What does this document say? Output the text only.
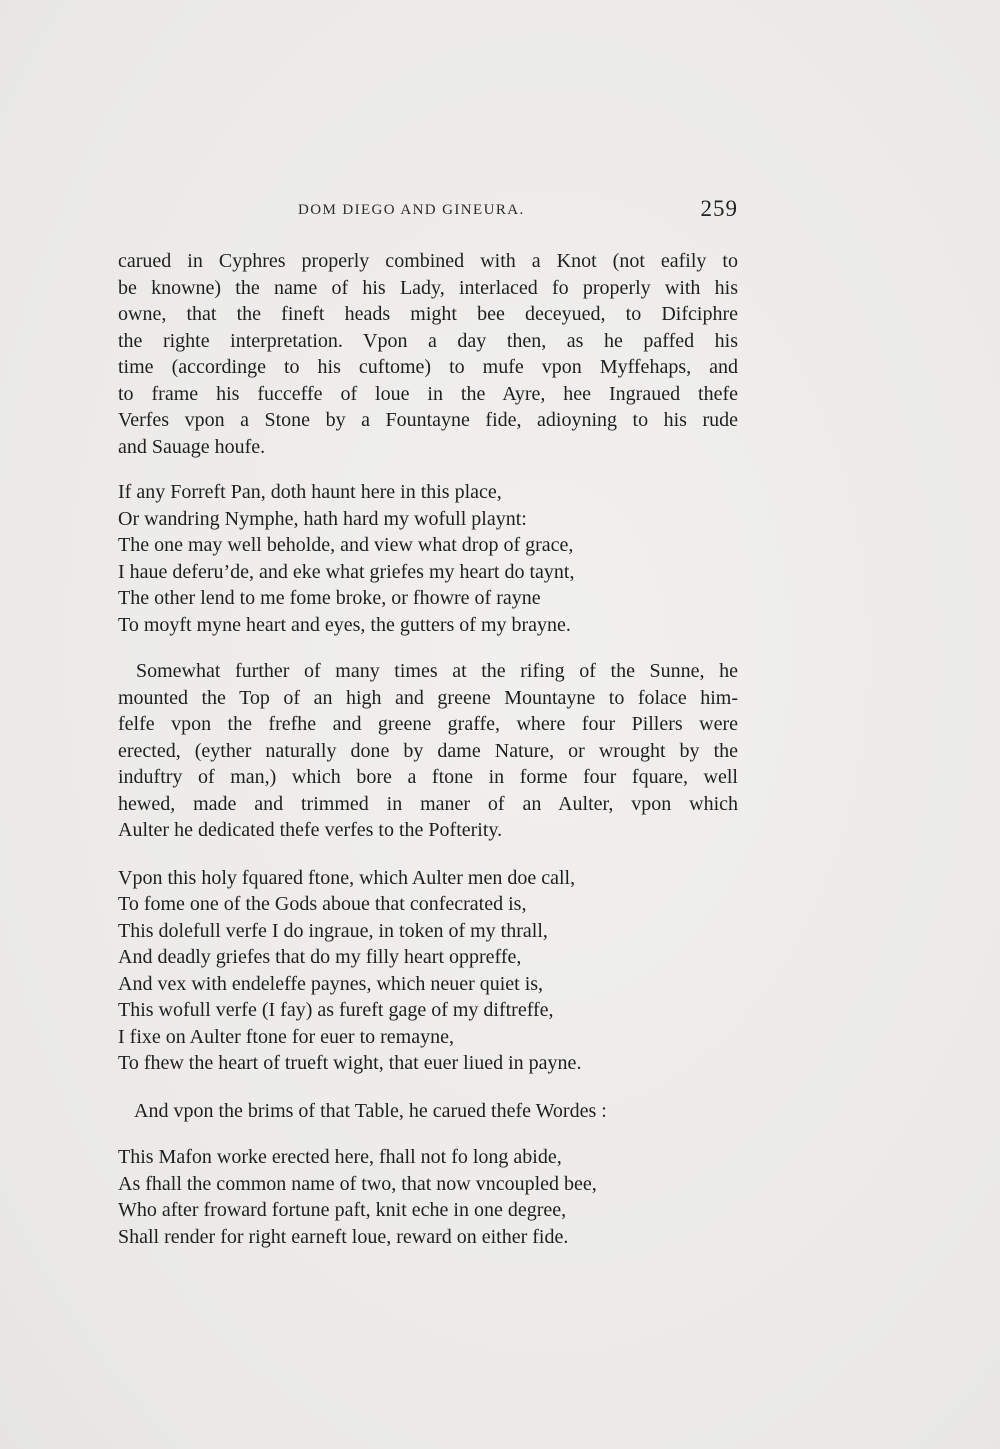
DOM DIEGO AND GINEURA.	259

carued in Cyphres properly combined with a Knot (not eafily to
be knowne) the name of his Lady, interlaced fo properly with his
owne, that the fineft heads might bee deceyued, to Difciphre
the righte interpretation. Vpon a day then, as he paffed his
time (accordinge to his cuftome) to mufe vpon Myffehaps, and
to frame his fucceffe of loue in the Ayre, hee Ingraued thefe
Verfes vpon a Stone by a Fountayne fide, adioyning to his rude
and Sauage houfe.

If any Forreft Pan, doth haunt here in this place,
Or wandring Nymphe, hath hard my wofull playnt:
The one may well beholde, and view what drop of grace,
I haue deferu’de, and eke what griefes my heart do taynt,
The other lend to me fome broke, or fhowre of rayne
To moyft myne heart and eyes, the gutters of my brayne.

Somewhat further of many times at the rifing of the Sunne, he
mounted the Top of an high and greene Mountayne to folace him-
felfe vpon the frefhe and greene graffe, where four Pillers were
erected, (eyther naturally done by dame Nature, or wrought by the
induftry of man,) which bore a ftone in forme four fquare, well
hewed, made and trimmed in maner of an Aulter, vpon which
Aulter he dedicated thefe verfes to the Pofterity.

Vpon this holy fquared ftone, which Aulter men doe call,
To fome one of the Gods aboue that confecrated is,
This dolefull verfe I do ingraue, in token of my thrall,
And deadly griefes that do my filly heart oppreffe,
And vex with endeleffe paynes, which neuer quiet is,
This wofull verfe (I fay) as fureft gage of my diftreffe,
I fixe on Aulter ftone for euer to remayne,
To fhew the heart of trueft wight, that euer liued in payne.

And vpon the brims of that Table, he carued thefe Wordes :

This Mafon worke erected here, fhall not fo long abide,
As fhall the common name of two, that now vncoupled bee,
Who after froward fortune paft, knit eche in one degree,
Shall render for right earneft loue, reward on either fide.
